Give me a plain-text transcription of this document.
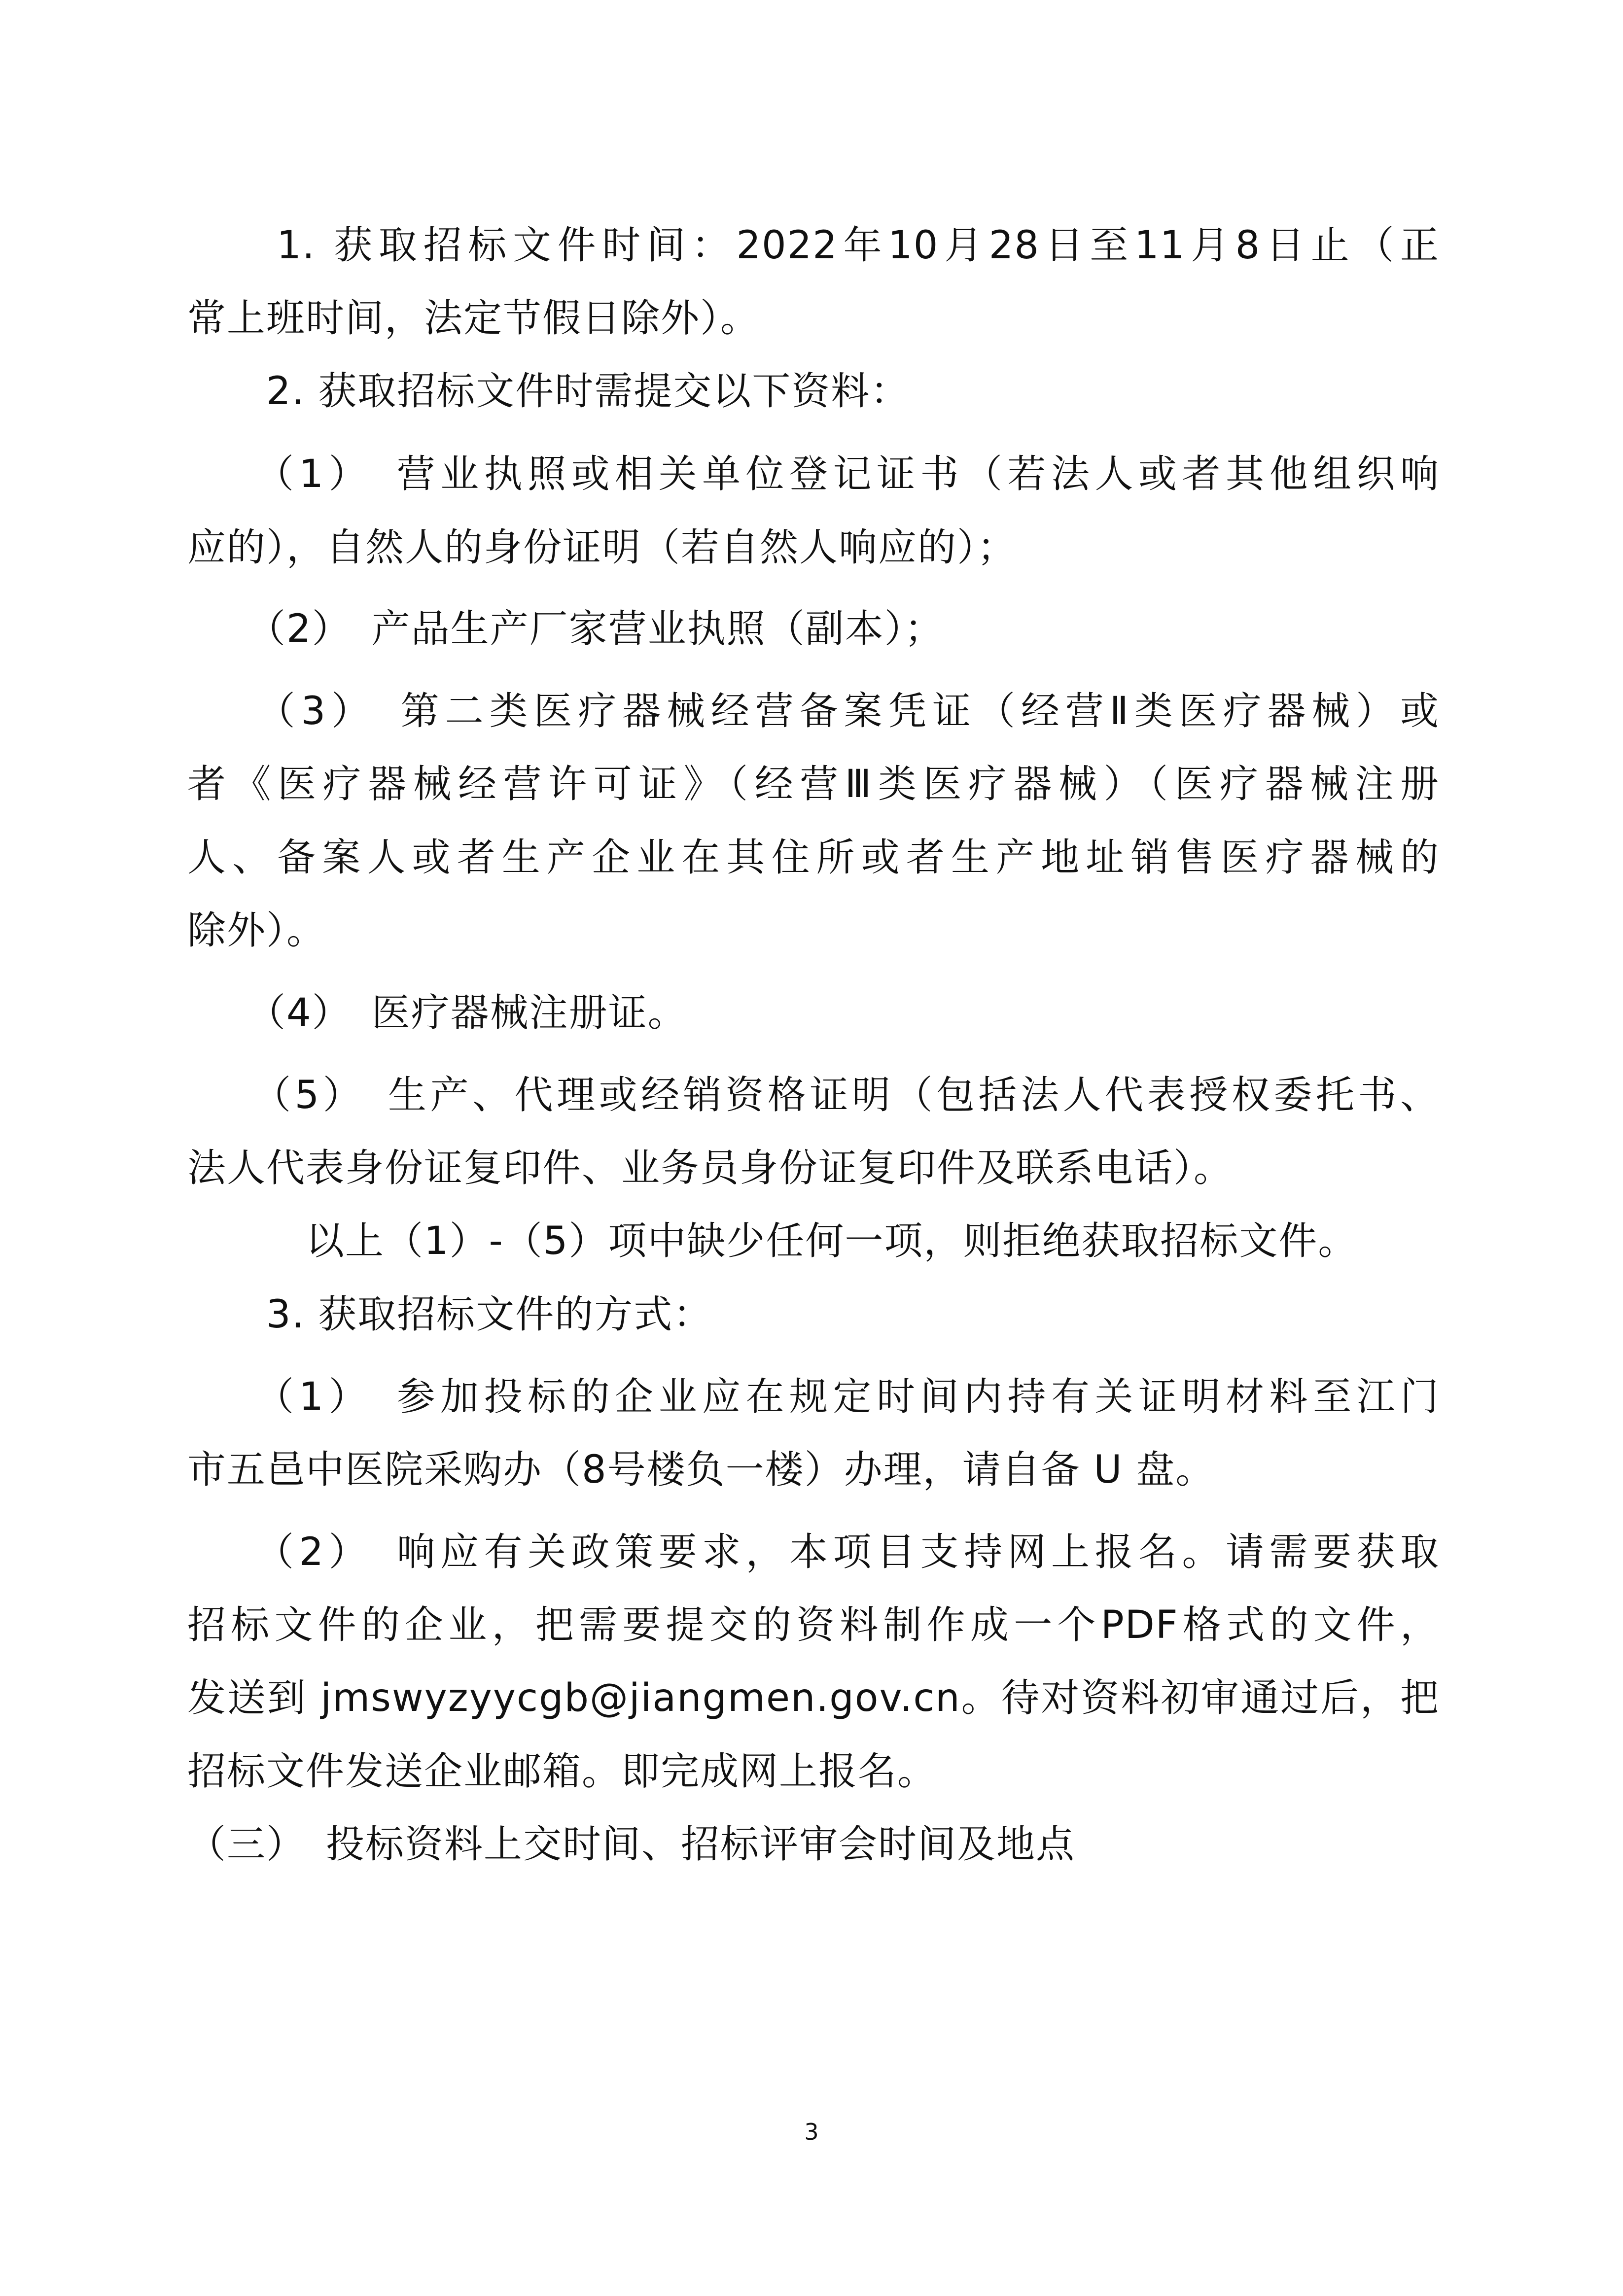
　　1. 获取招标文件时间：2022年10月28日至11月8日止（正
常上班时间，法定节假日除外）。
　　2. 获取招标文件时需提交以下资料：
　　（1）　营业执照或相关单位登记证书（若法人或者其他组织响
应的），自然人的身份证明（若自然人响应的）；
　　（2）　产品生产厂家营业执照（副本）；
　　（3）　第二类医疗器械经营备案凭证（经营Ⅱ类医疗器械）或
者《医疗器械经营许可证》（经营Ⅲ类医疗器械）（医疗器械注册
人、备案人或者生产企业在其住所或者生产地址销售医疗器械的
除外）。
　　（4）　医疗器械注册证。
　　（5）　生产、代理或经销资格证明（包括法人代表授权委托书、
法人代表身份证复印件、业务员身份证复印件及联系电话）。
　　　以上（1）-（5）项中缺少任何一项，则拒绝获取招标文件。
　　3. 获取招标文件的方式：
　　（1）　参加投标的企业应在规定时间内持有关证明材料至江门
市五邑中医院采购办（8号楼负一楼）办理，请自备 U 盘。
　　（2）　响应有关政策要求，本项目支持网上报名。请需要获取
招标文件的企业，把需要提交的资料制作成一个PDF格式的文件，
发送到 jmswyzyycgb@jiangmen.gov.cn。待对资料初审通过后，把
招标文件发送企业邮箱。即完成网上报名。
（三）　投标资料上交时间、招标评审会时间及地点
3
